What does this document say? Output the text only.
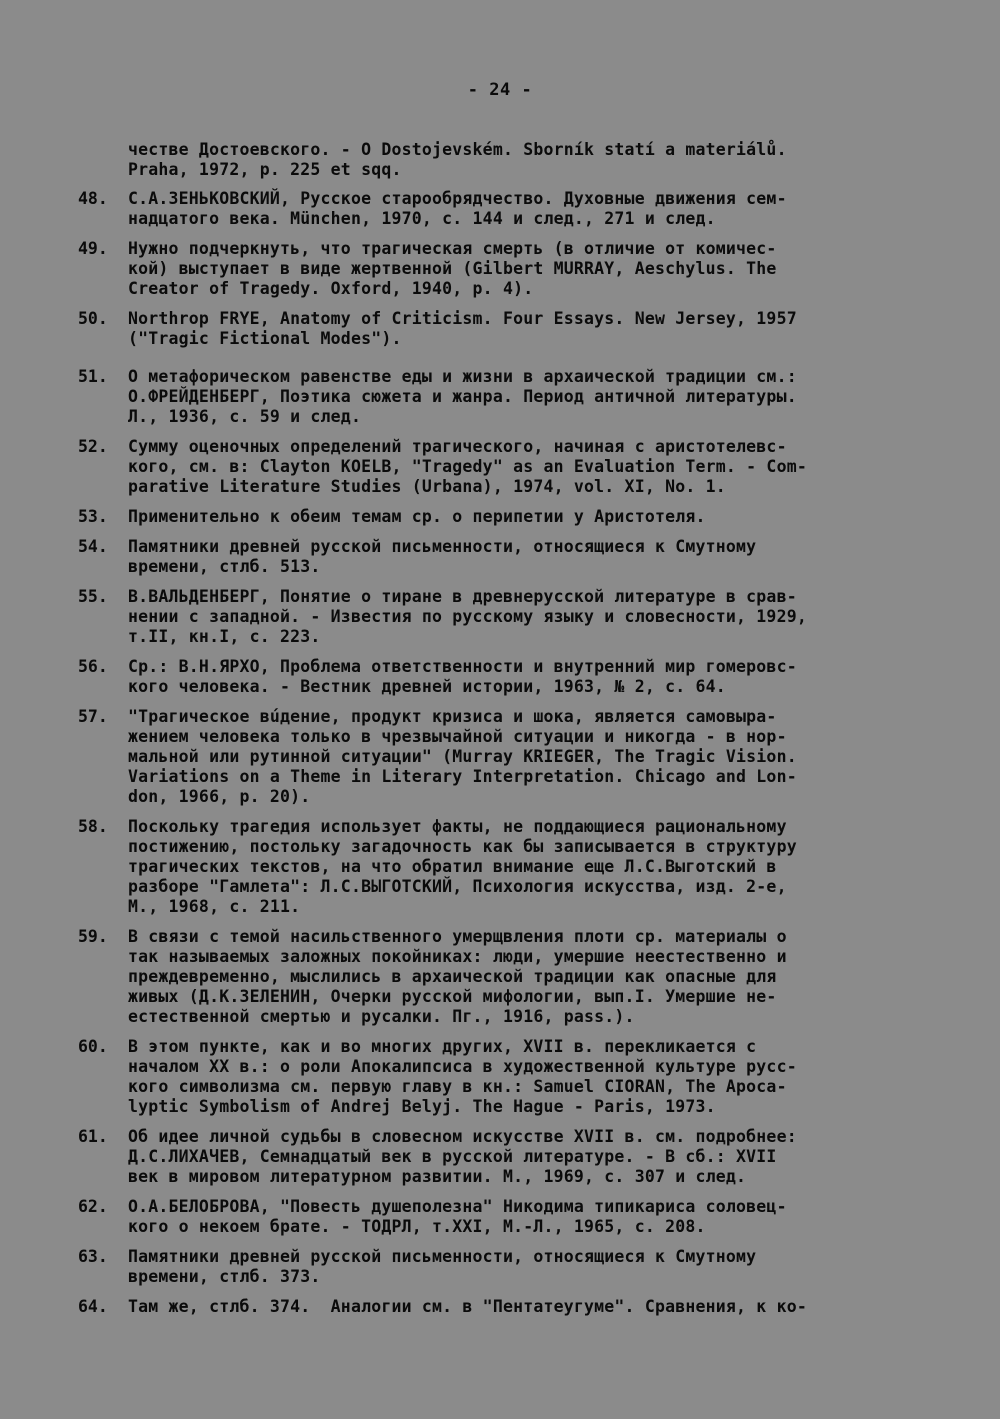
- 24 -
честве Достоевского. - O Dostojevském. Sborník statí a materiálů.
Praha, 1972, p. 225 et sqq.
48.	С.А.ЗЕНЬКОВСКИЙ, Русское старообрядчество. Духовные движения сем-
надцатого века. München, 1970, с. 144 и след., 271 и след.
49.	Нужно подчеркнуть, что трагическая смерть (в отличие от комичес-
кой) выступает в виде жертвенной (Gilbert MURRAY, Aeschylus. The
Creator of Tragedy. Oxford, 1940, p. 4).
50.	Northrop FRYE, Anatomy of Criticism. Four Essays. New Jersey, 1957
("Tragic Fictional Modes").
51.	О метафорическом равенстве еды и жизни в архаической традиции см.:
О.ФРЕЙДЕНБЕРГ, Поэтика сюжета и жанра. Период античной литературы.
Л., 1936, с. 59 и след.
52.	Сумму оценочных определений трагического, начиная с аристотелевс-
кого, см. в: Clayton KOELB, "Tragedy" as an Evaluation Term. - Com-
parative Literature Studies (Urbana), 1974, vol. XI, No. 1.
53.	Применительно к обеим темам ср. о перипетии у Аристотеля.
54.	Памятники древней русской письменности, относящиеся к Смутному
времени, стлб. 513.
55.	В.ВАЛЬДЕНБЕРГ, Понятие о тиране в древнерусской литературе в срав-
нении с западной. - Известия по русскому языку и словесности, 1929,
т.II, кн.I, с. 223.
56.	Ср.: В.Н.ЯРХО, Проблема ответственности и внутренний мир гомеровс-
кого человека. - Вестник древней истории, 1963, № 2, с. 64.
57.	"Трагическое вúдение, продукт кризиса и шока, является самовыра-
жением человека только в чрезвычайной ситуации и никогда - в нор-
мальной или рутинной ситуации" (Murray KRIEGER, The Tragic Vision.
Variations on a Theme in Literary Interpretation. Chicago and Lon-
don, 1966, p. 20).
58.	Поскольку трагедия использует факты, не поддающиеся рациональному
постижению, постольку загадочность как бы записывается в структуру
трагических текстов, на что обратил внимание еще Л.С.Выготский в
разборе "Гамлета": Л.С.ВЫГОТСКИЙ, Психология искусства, изд. 2-е,
М., 1968, с. 211.
59.	В связи с темой насильственного умерщвления плоти ср. материалы о
так называемых заложных покойниках: люди, умершие неестественно и
преждевременно, мыслились в архаической традиции как опасные для
живых (Д.К.ЗЕЛЕНИН, Очерки русской мифологии, вып.I. Умершие не-
естественной смертью и русалки. Пг., 1916, pass.).
60.	В этом пункте, как и во многих других, XVII в. перекликается с
началом XX в.: о роли Апокалипсиса в художественной культуре русс-
кого символизма см. первую главу в кн.: Samuel CIORAN, The Apoca-
lyptic Symbolism of Andrej Belyj. The Hague - Paris, 1973.
61.	Об идее личной судьбы в словесном искусстве XVII в. см. подробнее:
Д.С.ЛИХАЧЕВ, Семнадцатый век в русской литературе. - В сб.: XVII
век в мировом литературном развитии. М., 1969, с. 307 и след.
62.	О.А.БЕЛОБРОВА, "Повесть душеполезна" Никодима типикариса соловец-
кого о некоем брате. - ТОДРЛ, т.XXI, М.-Л., 1965, с. 208.
63.	Памятники древней русской письменности, относящиеся к Смутному
времени, стлб. 373.
64.	Там же, стлб. 374.  Аналогии см. в "Пентатеугуме". Сравнения, к ко-
